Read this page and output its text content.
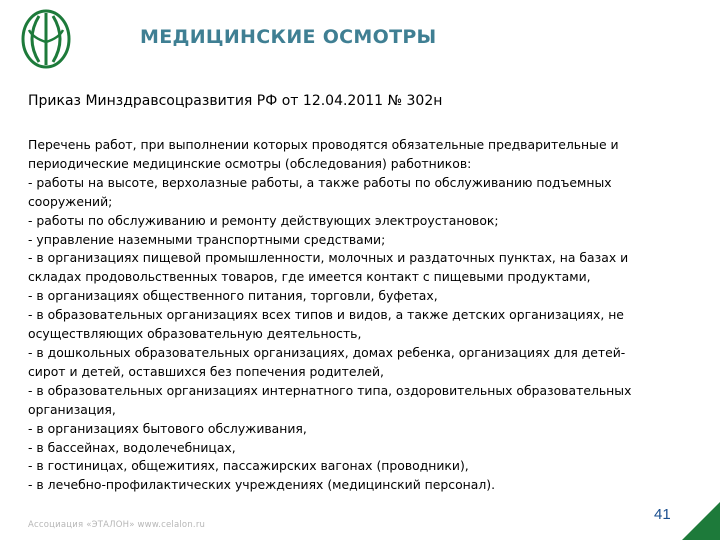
МЕДИЦИНСКИЕ ОСМОТРЫ
Приказ Минздравсоцразвития РФ от 12.04.2011 № 302н

Перечень работ, при выполнении которых проводятся обязательные предварительные и

периодические медицинские осмотры (обследования) работников:

- работы на высоте, верхолазные работы, а также работы по обслуживанию подъемных

сооружений;

- работы по обслуживанию и ремонту действующих электроустановок;

- управление наземными транспортными средствами;

- в организациях пищевой промышленности, молочных и раздаточных пунктах, на базах и

складах продовольственных товаров, где имеется контакт с пищевыми продуктами,

- в организациях общественного питания, торговли, буфетах,

- в образовательных организациях всех типов и видов, а также детских организациях, не

осуществляющих образовательную деятельность,

- в дошкольных образовательных организациях, домах ребенка, организациях для детей-

сирот и детей, оставшихся без попечения родителей,

- в образовательных организациях интернатного типа, оздоровительных образовательных

организация,

- в организациях бытового обслуживания,

- в бассейнах, водолечебницах,

- в гостиницах, общежитиях, пассажирских вагонах (проводники),

- в лечебно-профилактических учреждениях (медицинский персонал).

Ассоциация «ЭТАЛОН» www.celalon.ru
41
